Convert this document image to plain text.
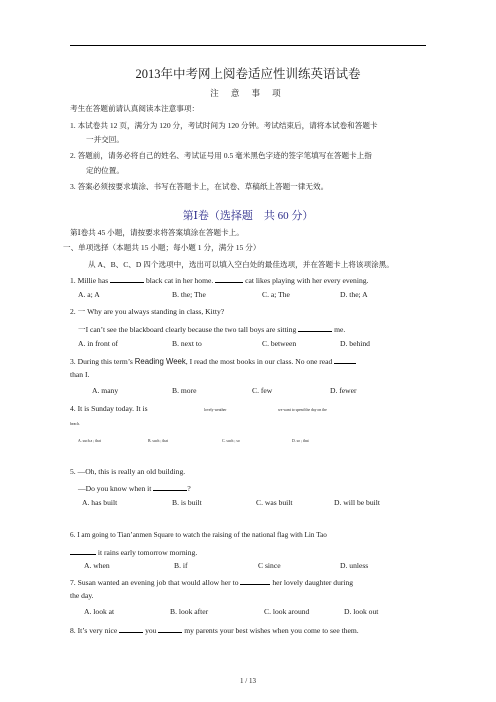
2013年中考网上阅卷适应性训练英语试卷
注 意 事 项
考生在答题前请认真阅读本注意事项：
1. 本试卷共 12 页，满分为 120 分，考试时间为 120 分钟。考试结束后，请将本试卷和答题卡
一并交回。
2. 答题前，请务必将自己的姓名、考试证号用 0.5 毫米黑色字迹的签字笔填写在答题卡上指
定的位置。
3. 答案必须按要求填涂、书写在答题卡上，在试卷、草稿纸上答题一律无效。
第Ⅰ卷（选择题　共 60 分）
第Ⅰ卷共 45 小题，请按要求将答案填涂在答题卡上。
一、单项选择（本题共 15 小题；每小题 1 分，满分 15 分）
从 A、B、C、D 四个选项中，选出可以填入空白处的最佳选项，并在答题卡上将该项涂黑。
1. Millie has	black cat in her home.	cat likes playing with her every evening.
A. a; A	B. the; The	C. a; The	D. the; A
2. 一 Why are you always standing in class, Kitty?
一I can’t see the blackboard clearly because the two tall boys are sitting	me.
A. in front of	B. next to	C. between	D. behind
3. During this term’s Reading Week, I read the most books in our class. No one read
than I.
A. many	B. more	C. few	D. fewer
4. It is Sunday today. It is	lovely weather	we want to spend the day on the
beach.
A. such a ; that	B. such ; that	C. such ; so	D. so ; that
5. —Oh, this is really an old building.
—Do you know when it	?
A. has built	B. is built	C. was built	D. will be built
6. I am going to Tian’anmen Square to watch the raising of the national flag with Lin Tao
it rains early tomorrow morning.
A. when	B. if	C since	D. unless
7. Susan wanted an evening job that would allow her to	her lovely daughter during
the day.
A. look at	B. look after	C. look around	D. look out
8. It’s very nice	you	my parents your best wishes when you come to see them.
1 / 13
